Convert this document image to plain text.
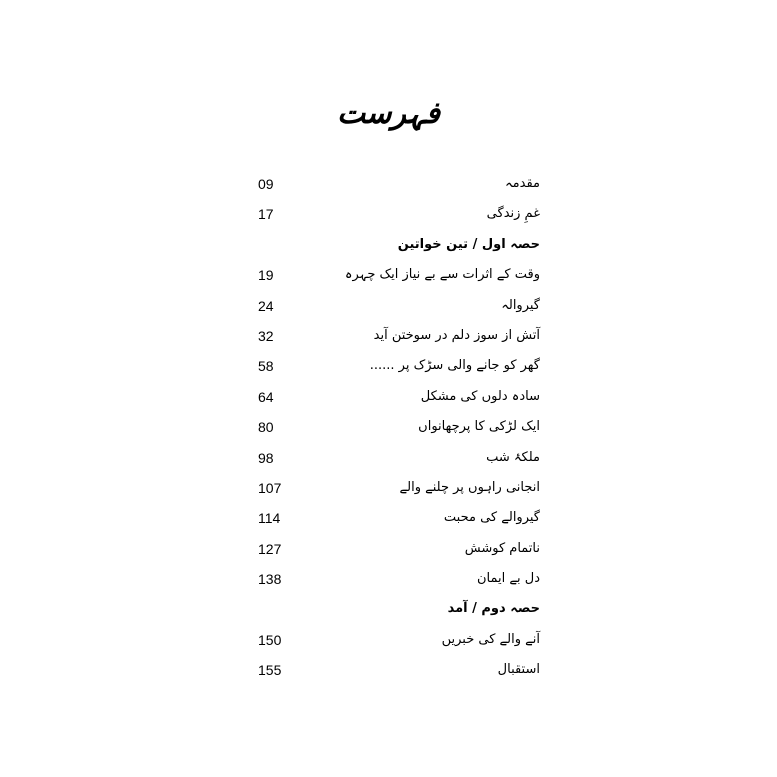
فہرست
مقدمہ
09
غمِ زندگی
17
حصہ اول / تین خواتین
وقت کے اثرات سے بے نیاز ایک چہرہ
19
گیروالہ
24
آتش از سوز دلم در سوختن آید
32
گھر کو جانے والی سڑک پر ......
58
سادہ دلوں کی مشکل
64
ایک لڑکی کا پرچھانواں
80
ملکۂ شب
98
انجانی راہوں پر چلنے والے
107
گیروالے کی محبت
114
ناتمام کوشش
127
دل بے ایمان
138
حصہ دوم / آمد
آنے والے کی خبریں
150
استقبال
155
